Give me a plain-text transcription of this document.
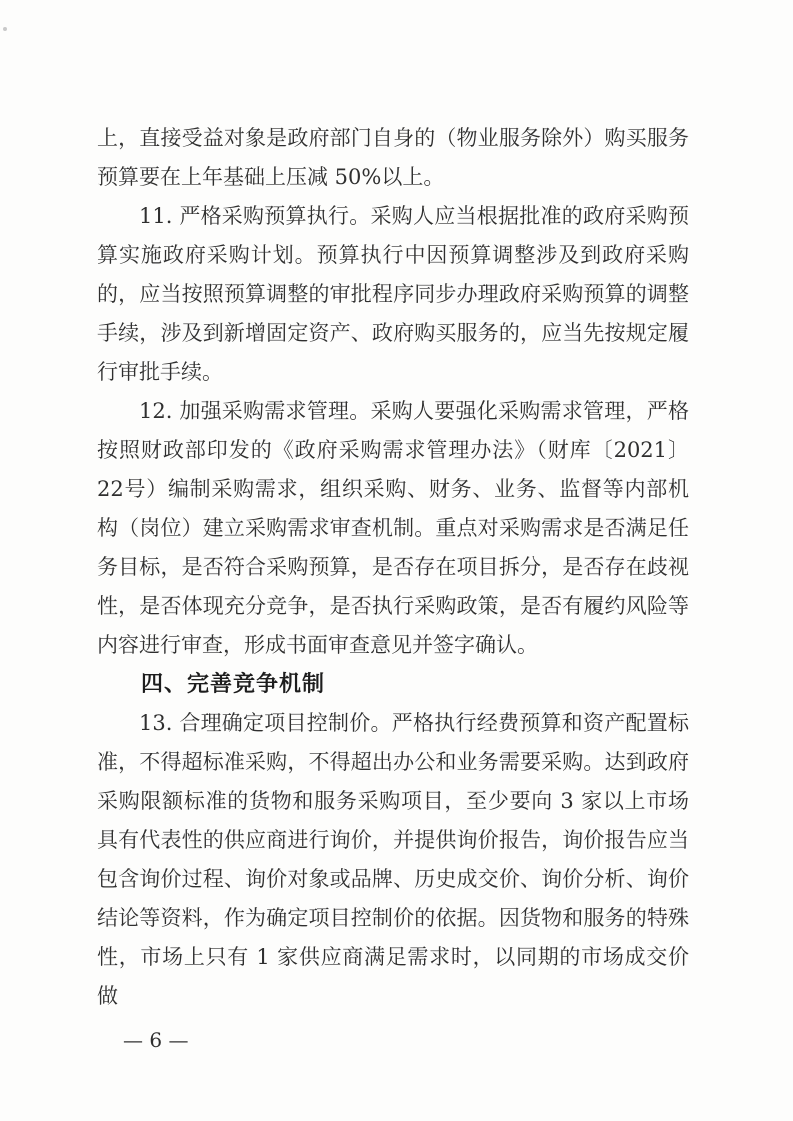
上，直接受益对象是政府部门自身的（物业服务除外）购买服务预算要在上年基础上压减 50%以上。

11. 严格采购预算执行。采购人应当根据批准的政府采购预算实施政府采购计划。预算执行中因预算调整涉及到政府采购的，应当按照预算调整的审批程序同步办理政府采购预算的调整手续，涉及到新增固定资产、政府购买服务的，应当先按规定履行审批手续。

12. 加强采购需求管理。采购人要强化采购需求管理，严格按照财政部印发的《政府采购需求管理办法》（财库〔2021〕22号）编制采购需求，组织采购、财务、业务、监督等内部机构（岗位）建立采购需求审查机制。重点对采购需求是否满足任务目标，是否符合采购预算，是否存在项目拆分，是否存在歧视性，是否体现充分竞争，是否执行采购政策，是否有履约风险等内容进行审查，形成书面审查意见并签字确认。

四、完善竞争机制

13. 合理确定项目控制价。严格执行经费预算和资产配置标准，不得超标准采购，不得超出办公和业务需要采购。达到政府采购限额标准的货物和服务采购项目，至少要向 3 家以上市场具有代表性的供应商进行询价，并提供询价报告，询价报告应当包含询价过程、询价对象或品牌、历史成交价、询价分析、询价结论等资料，作为确定项目控制价的依据。因货物和服务的特殊性，市场上只有 1 家供应商满足需求时，以同期的市场成交价做

— 6 —
